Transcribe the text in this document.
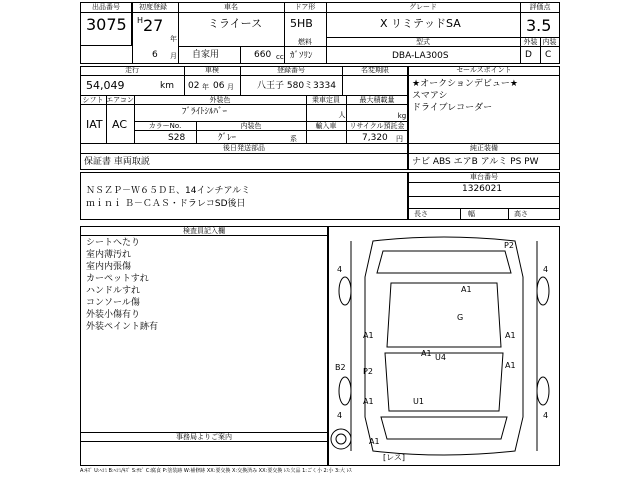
出品番号
3075
初度登録
H 27
年
6 月
車名
ミライース
自家用	660 cc
ドア形
5HB
燃料
ｶﾞｿﾘﾝ
グレード
X リミテッドSA
型式
DBA-LA300S
評価点
3.5
外装 内装
D C
走行
54,049	km
車検
02 年 06 月
登録番号
八王子 580ミ3334
名変期限
シフト エアコン
IAT AC
外装色
ﾌﾞﾗｲﾄｼﾙﾊﾞｰ
カラーNo.	内装色
S28	ｸﾞﾚｰ	系
乗車定員	最大積載量
人	kg
輸入車	リサイクル預託金
7,320 円
後日発送部品
保証書 車両取説
セールスポイント
★オークションデビュー★
スマアシ
ドライブレコーダー
純正装備
ナビ ABS エアB アルミ PS PW
ＮＳＺＰ－Ｗ６５ＤＥ、14インチアルミ
ｍｉｎｉ Ｂ－ＣＡＳ・ドラレコSD後日
車台番号
1326021
長さ	幅	高さ
検査員記入欄
シートへたり
室内薄汚れ
室内内張傷
カーペットすれ
ハンドルすれ
コンソール傷
外装小傷有り
外装ペイント跡有
事務局よりご案内
4	4
4	4
A1
P2
A1
G
A1
A1 U4
A1
B2 P2
A1	U1
A1
[レス]
A:ｷｽﾞ U:ﾍｺﾐ B:ﾍｺﾐ/ｷｽﾞ S:ｻﾋﾞ C:腐食 P:塗装跡 W:補修跡 XX:要交換 X:交換済み XX:要交換 ﾚｽ:欠品 1:ごく小 2:小 3:大 ﾚｽ
